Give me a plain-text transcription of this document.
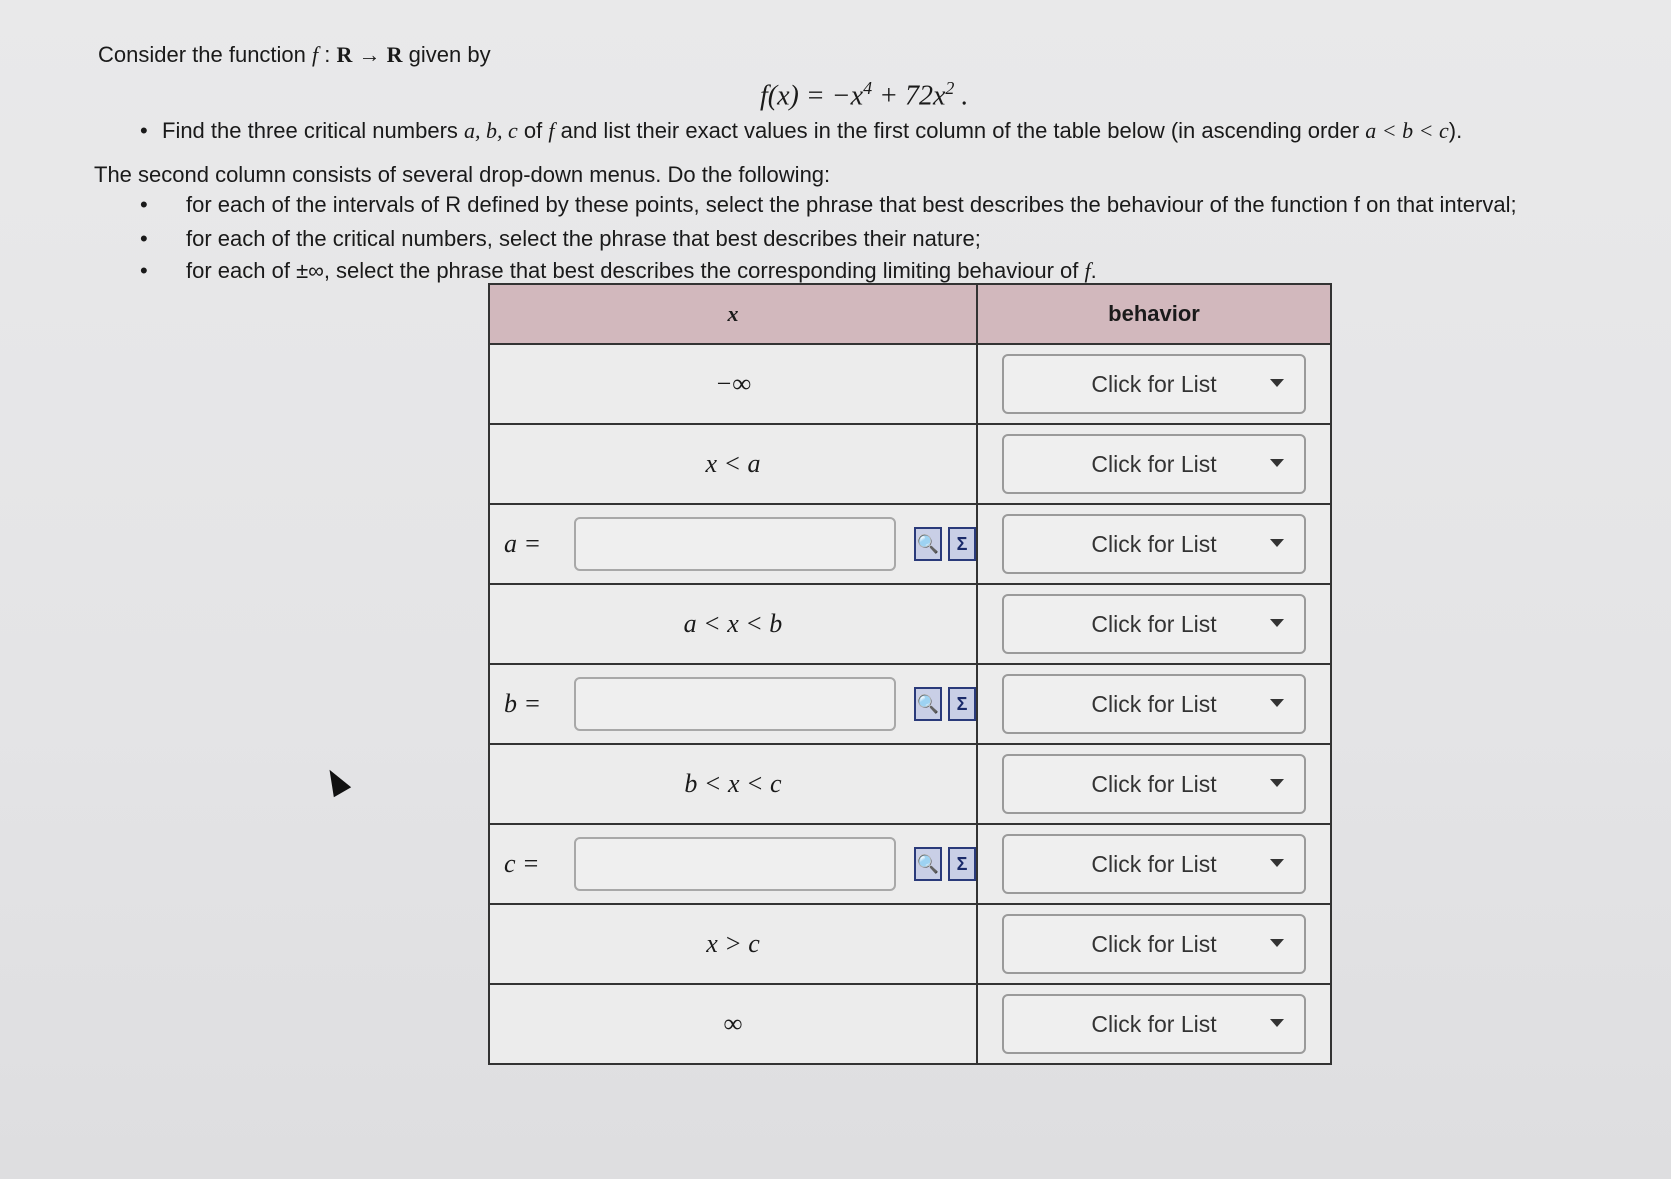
Consider the function f : R → R given by
$f(x) = -x^4 + 72x^2$ .
• Find the three critical numbers a, b, c of f and list their exact values in the first column of the table below (in ascending order a < b < c).
The second column consists of several drop-down menus. Do the following:
• for each of the intervals of R defined by these points, select the phrase that best describes the behaviour of the function f on that interval;
• for each of the critical numbers, select the phrase that best describes their nature;
• for each of ±∞, select the phrase that best describes the corresponding limiting behaviour of f.
x	behavior
−∞	Click for List

x < a	Click for List

a = 🔍 Σ	Click for List

a < x < b	Click for List

b = 🔍 Σ	Click for List

b < x < c	Click for List

c = 🔍 Σ	Click for List

x > c	Click for List

∞	Click for List
